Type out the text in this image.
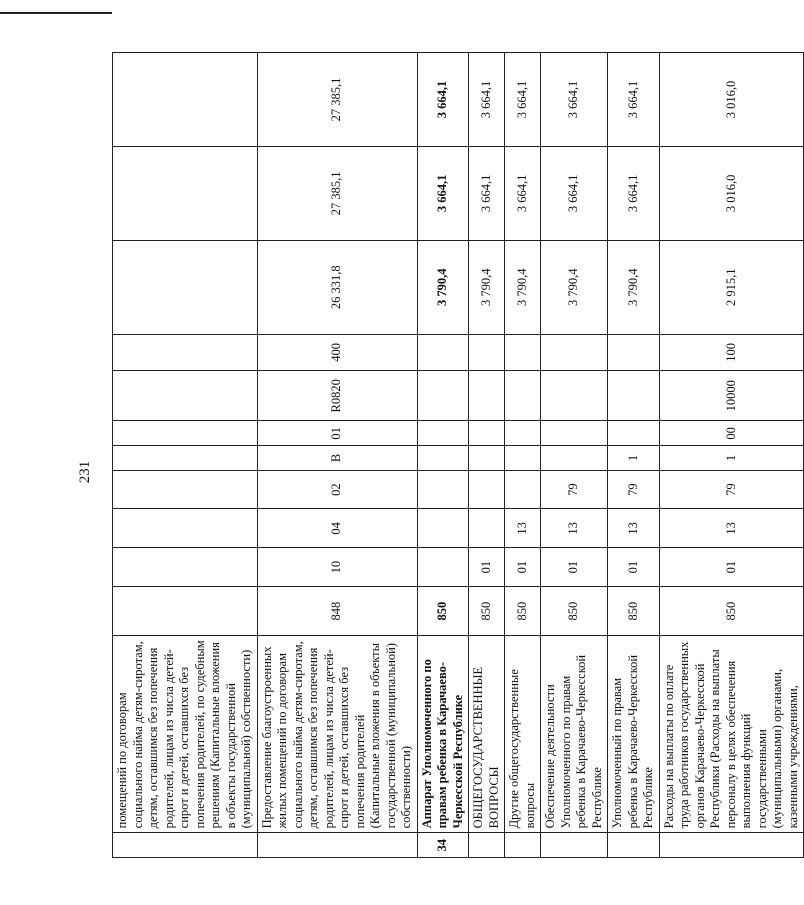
231
	помещений по договорам социального найма детям-сиротам, детям, оставшимся без попечения родителей, лицам из числа детей-сирот и детей, оставшихся без попечения родителей, по судебным решениям (Капитальные вложения в объекты государственной (муниципальной) собственности)											
	Предоставление благоустроенных жилых помещений по договорам социального найма детям-сиротам, детям, оставшимся без попечения родителей, лицам из числа детей-сирот и детей, оставшихся без попечения родителей (Капитальные вложения в объекты государственной (муниципальной) собственности)	848	10	04	02	В	01	R0820	400	26 331,8	27 385,1	27 385,1
34	Аппарат Уполномоченного по правам ребенка в Карачаево-Черкесской Республике	850								3 790,4	3 664,1	3 664,1
	ОБЩЕГОСУДАРСТВЕННЫЕ ВОПРОСЫ	850	01							3 790,4	3 664,1	3 664,1
	Другие общегосударственные вопросы	850	01	13						3 790,4	3 664,1	3 664,1
	Обеспечение деятельности Уполномоченного по правам ребенка в Карачаево-Черкесской Республике	850	01	13	79					3 790,4	3 664,1	3 664,1
	Уполномоченный по правам ребенка в Карачаево-Черкесской Республике	850	01	13	79	1				3 790,4	3 664,1	3 664,1
	Расходы на выплаты по оплате труда работников государственных органов Карачаево-Черкесской Республики (Расходы на выплаты персоналу в целях обеспечения выполнения функций государственными (муниципальными) органами, казенными учреждениями,	850	01	13	79	1	00	10000	100	2 915,1	3 016,0	3 016,0
